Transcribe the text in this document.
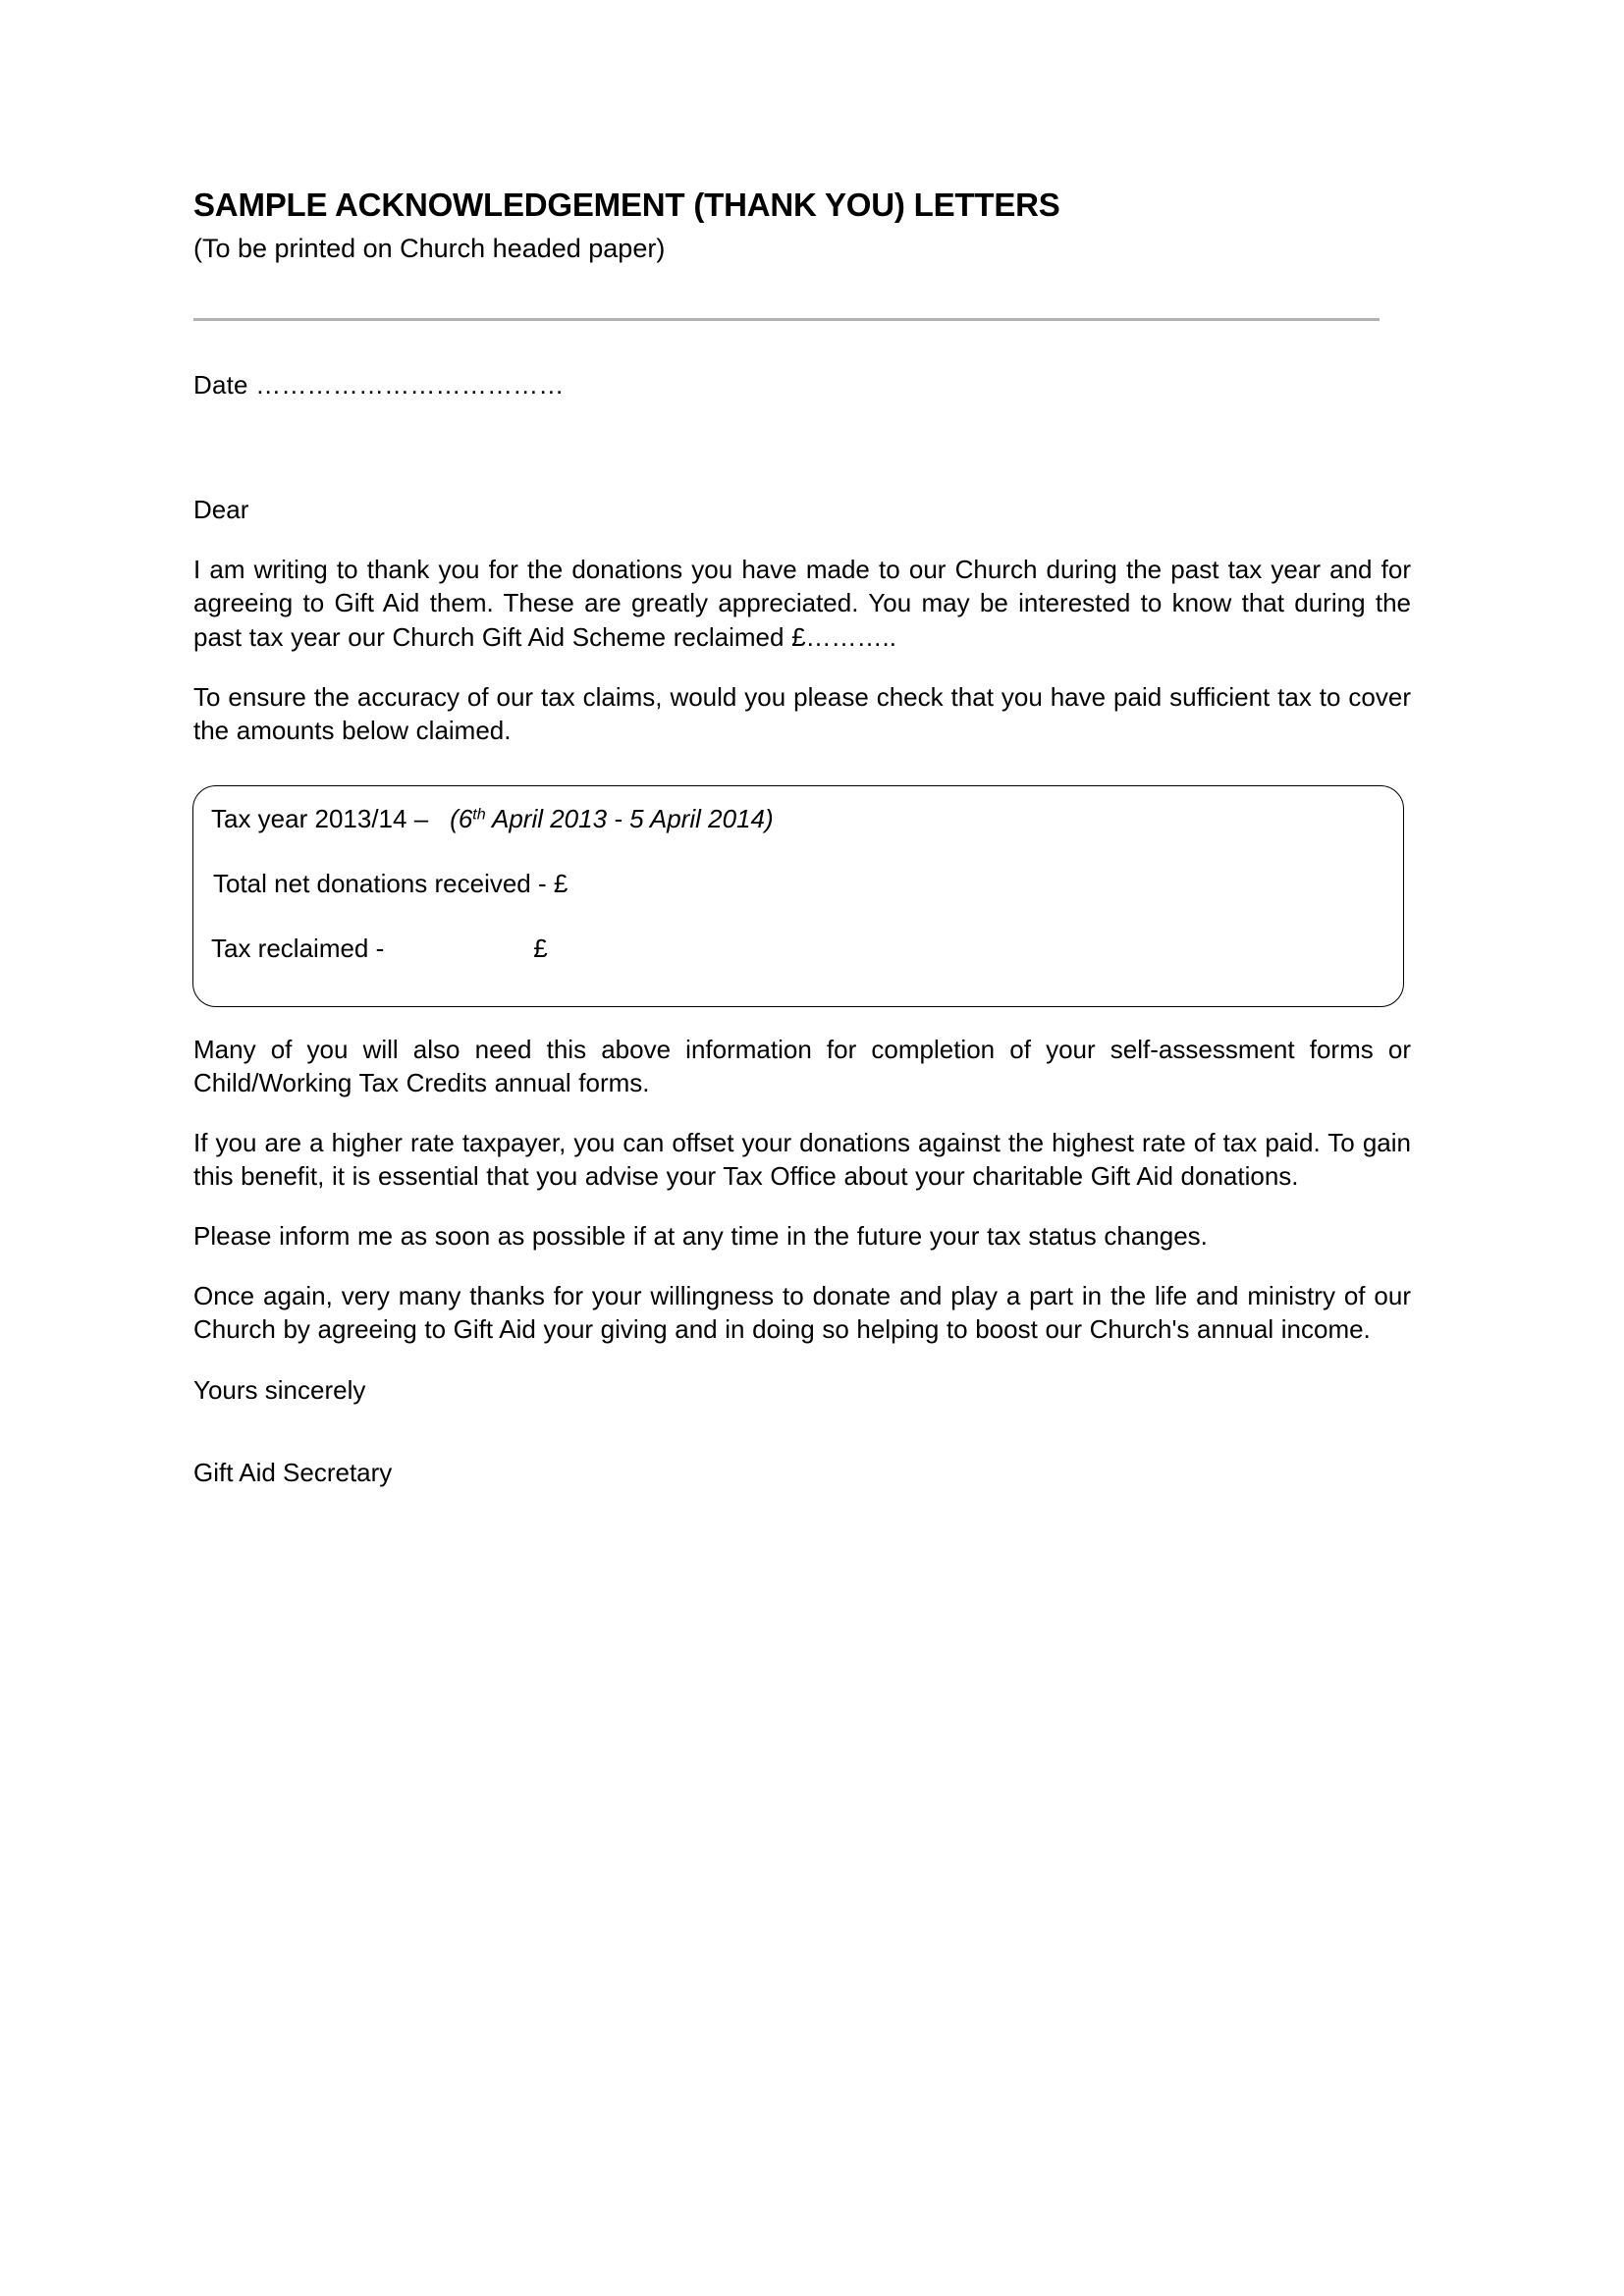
SAMPLE ACKNOWLEDGEMENT (THANK YOU) LETTERS
(To be printed on Church headed paper)

Date ………………………………

Dear

I am writing to thank you for the donations you have made to our Church during the past tax year and for agreeing to Gift Aid them. These are greatly appreciated. You may be interested to know that during the past tax year our Church Gift Aid Scheme reclaimed £………..

To ensure the accuracy of our tax claims, would you please check that you have paid sufficient tax to cover the amounts below claimed.

Tax year 2013/14 – (6th April 2013 - 5 April 2014)
Total net donations received - £
Tax reclaimed -	£

Many of you will also need this above information for completion of your self-assessment forms or Child/Working Tax Credits annual forms.

If you are a higher rate taxpayer, you can offset your donations against the highest rate of tax paid. To gain this benefit, it is essential that you advise your Tax Office about your charitable Gift Aid donations.

Please inform me as soon as possible if at any time in the future your tax status changes.

Once again, very many thanks for your willingness to donate and play a part in the life and ministry of our Church by agreeing to Gift Aid your giving and in doing so helping to boost our Church's annual income.

Yours sincerely

Gift Aid Secretary
